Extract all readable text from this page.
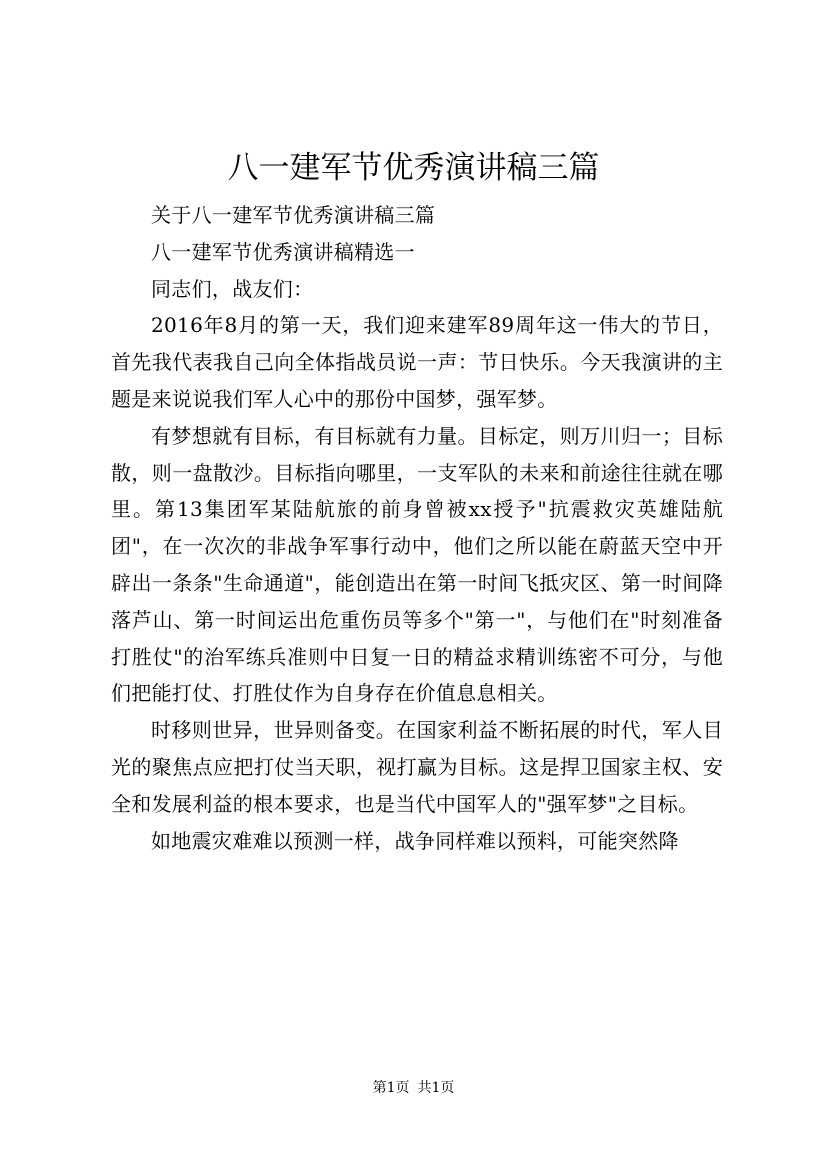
八一建军节优秀演讲稿三篇

关于八一建军节优秀演讲稿三篇

八一建军节优秀演讲稿精选一

同志们，战友们：

2016年8月的第一天，我们迎来建军89周年这一伟大的节日，首先我代表我自己向全体指战员说一声：节日快乐。今天我演讲的主题是来说说我们军人心中的那份中国梦，强军梦。

有梦想就有目标，有目标就有力量。目标定，则万川归一；目标散，则一盘散沙。目标指向哪里，一支军队的未来和前途往往就在哪里。第13集团军某陆航旅的前身曾被xx授予"抗震救灾英雄陆航团"，在一次次的非战争军事行动中，他们之所以能在蔚蓝天空中开辟出一条条"生命通道"，能创造出在第一时间飞抵灾区、第一时间降落芦山、第一时间运出危重伤员等多个"第一"，与他们在"时刻准备打胜仗"的治军练兵准则中日复一日的精益求精训练密不可分，与他们把能打仗、打胜仗作为自身存在价值息息相关。

时移则世异，世异则备变。在国家利益不断拓展的时代，军人目光的聚焦点应把打仗当天职，视打赢为目标。这是捍卫国家主权、安全和发展利益的根本要求，也是当代中国军人的"强军梦"之目标。

如地震灾难难以预测一样，战争同样难以预料，可能突然降

第1页 共1页
